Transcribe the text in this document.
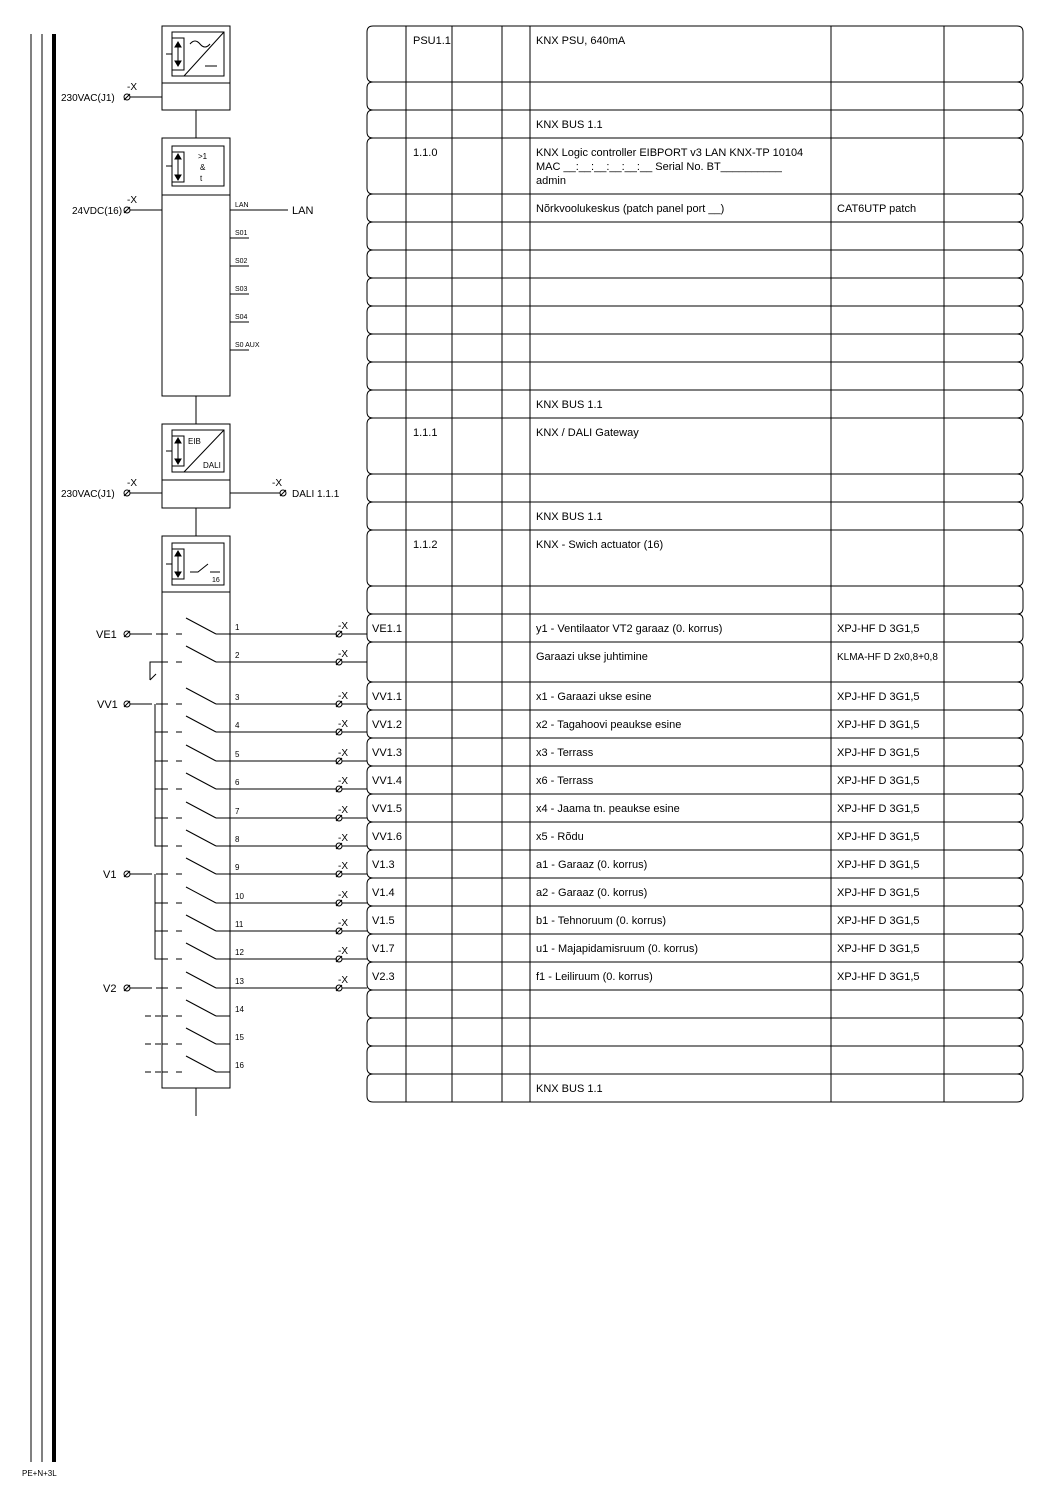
PE+N+3L
230VAC(J1)
-X
>1
&
t
24VDC(16)
-X	LAN
S01
S02
S03
S04
S0 AUX
LAN
EIB
DALI
230VAC(J1)
-X	-X
DALI 1.1.1
16
1	-X
2	-X
3	-X
4	-X
5	-X
6	-X
7	-X
8	-X
9	-X
10	-X
11	-X
12	-X
13	-X
14
15
16
VE1
VV1
V1
V2
PSU1.1	KNX PSU, 640mA
KNX BUS 1.1
1.1.0	KNX Logic controller EIBPORT v3 LAN KNX-TP 10104
MAC __:__:__:__:__:__ Serial No. BT__________
admin
Nõrkvoolukeskus (patch panel port __)	CAT6UTP patch
KNX BUS 1.1
1.1.1	KNX / DALI Gateway
KNX BUS 1.1
1.1.2	KNX - Swich actuator (16)
VE1.1	y1 - Ventilaator VT2 garaaz (0. korrus)	XPJ-HF D 3G1,5
Garaazi ukse juhtimine	KLMA-HF D 2x0,8+0,8
VV1.1	x1 - Garaazi ukse esine	XPJ-HF D 3G1,5
VV1.2	x2 - Tagahoovi peaukse esine	XPJ-HF D 3G1,5
VV1.3	x3 - Terrass	XPJ-HF D 3G1,5
VV1.4	x6 - Terrass	XPJ-HF D 3G1,5
VV1.5	x4 - Jaama tn. peaukse esine	XPJ-HF D 3G1,5
VV1.6	x5 - Rõdu	XPJ-HF D 3G1,5
V1.3	a1 - Garaaz (0. korrus)	XPJ-HF D 3G1,5
V1.4	a2 - Garaaz (0. korrus)	XPJ-HF D 3G1,5
V1.5	b1 - Tehnoruum (0. korrus)	XPJ-HF D 3G1,5
V1.7	u1 - Majapidamisruum (0. korrus)	XPJ-HF D 3G1,5
V2.3	f1 - Leiliruum (0. korrus)	XPJ-HF D 3G1,5
KNX BUS 1.1
